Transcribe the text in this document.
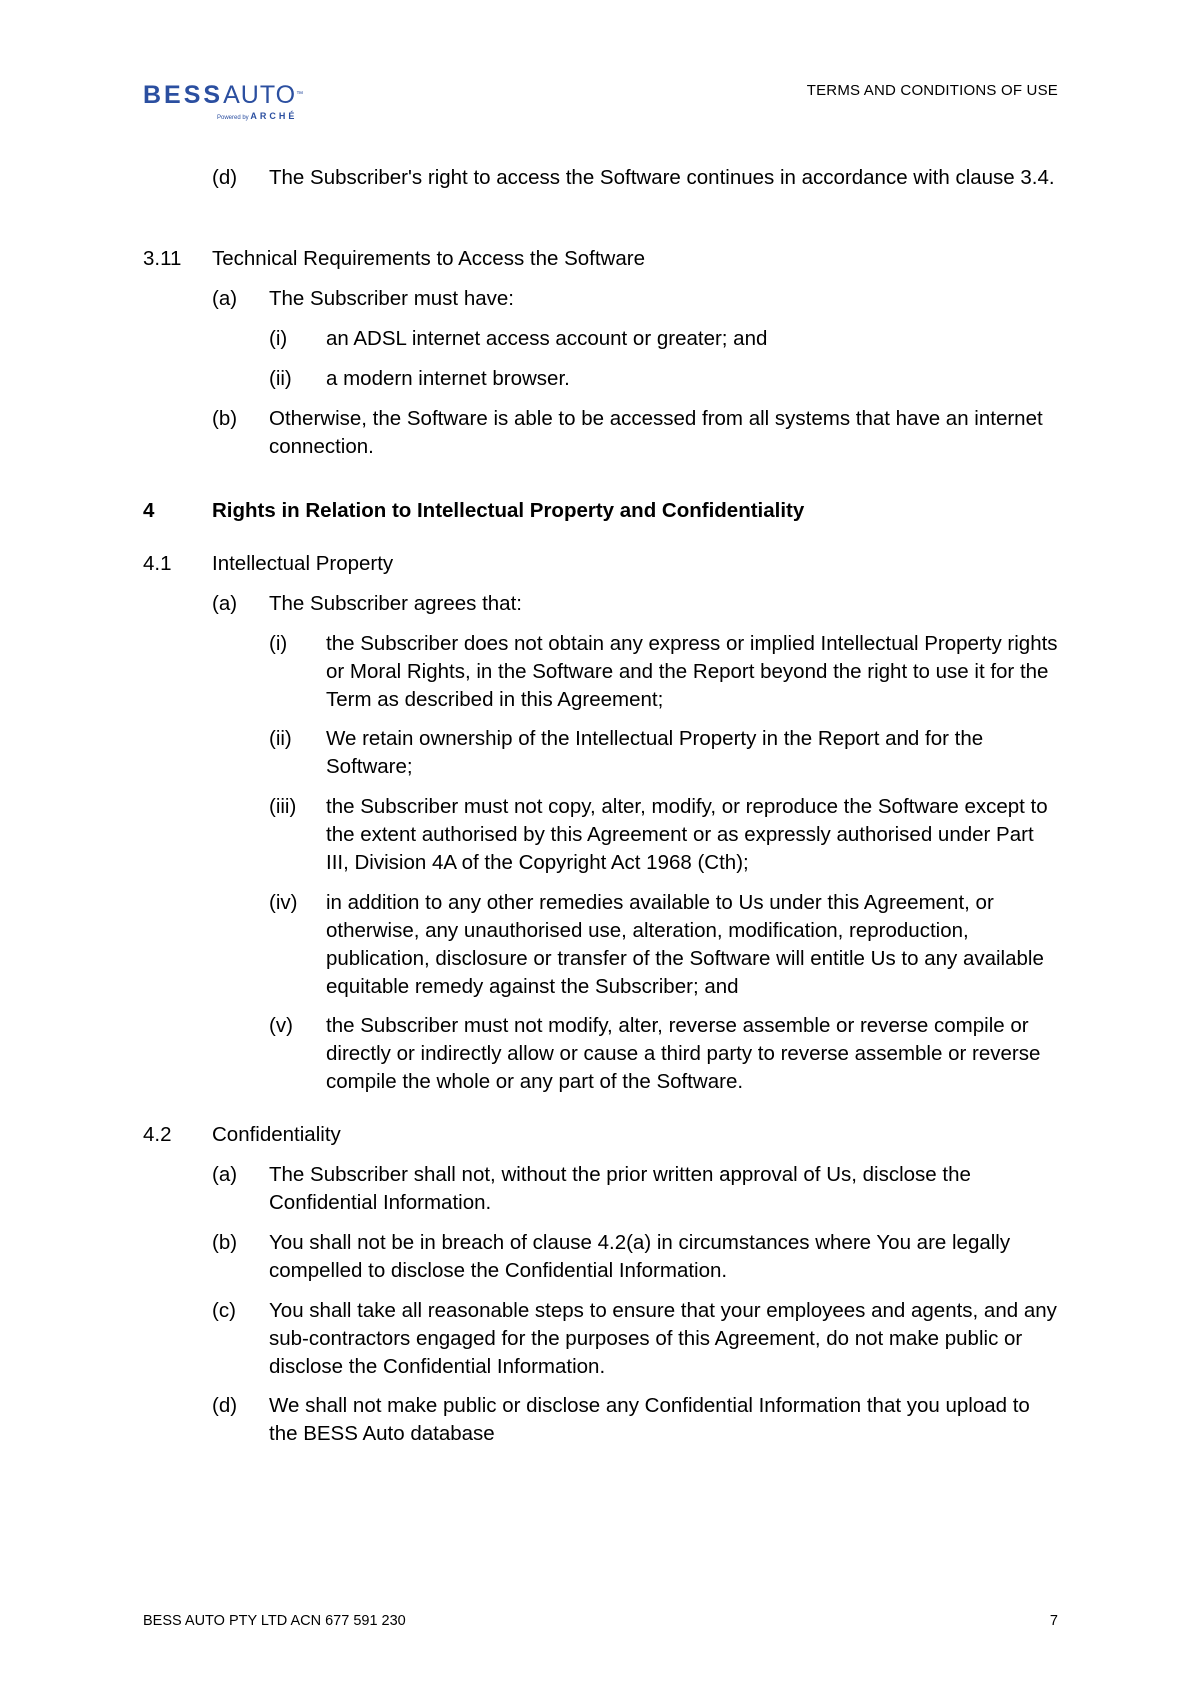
BESSAUTO™
Powered by ARCHÉ
TERMS AND CONDITIONS OF USE
(d) The Subscriber's right to access the Software continues in accordance with clause 3.4.
3.11 Technical Requirements to Access the Software
(a) The Subscriber must have:
(i) an ADSL internet access account or greater; and
(ii) a modern internet browser.
(b) Otherwise, the Software is able to be accessed from all systems that have an internet connection.
4	Rights in Relation to Intellectual Property and Confidentiality
4.1 Intellectual Property
(a) The Subscriber agrees that:
(i) the Subscriber does not obtain any express or implied Intellectual Property rights or Moral Rights, in the Software and the Report beyond the right to use it for the Term as described in this Agreement;
(ii) We retain ownership of the Intellectual Property in the Report and for the Software;
(iii) the Subscriber must not copy, alter, modify, or reproduce the Software except to the extent authorised by this Agreement or as expressly authorised under Part III, Division 4A of the Copyright Act 1968 (Cth);
(iv) in addition to any other remedies available to Us under this Agreement, or otherwise, any unauthorised use, alteration, modification, reproduction, publication, disclosure or transfer of the Software will entitle Us to any available equitable remedy against the Subscriber; and
(v) the Subscriber must not modify, alter, reverse assemble or reverse compile or directly or indirectly allow or cause a third party to reverse assemble or reverse compile the whole or any part of the Software.
4.2 Confidentiality
(a) The Subscriber shall not, without the prior written approval of Us, disclose the Confidential Information.
(b) You shall not be in breach of clause 4.2(a) in circumstances where You are legally compelled to disclose the Confidential Information.
(c) You shall take all reasonable steps to ensure that your employees and agents, and any sub-contractors engaged for the purposes of this Agreement, do not make public or disclose the Confidential Information.
(d) We shall not make public or disclose any Confidential Information that you upload to the BESS Auto database
BESS AUTO PTY LTD ACN 677 591 230	7
